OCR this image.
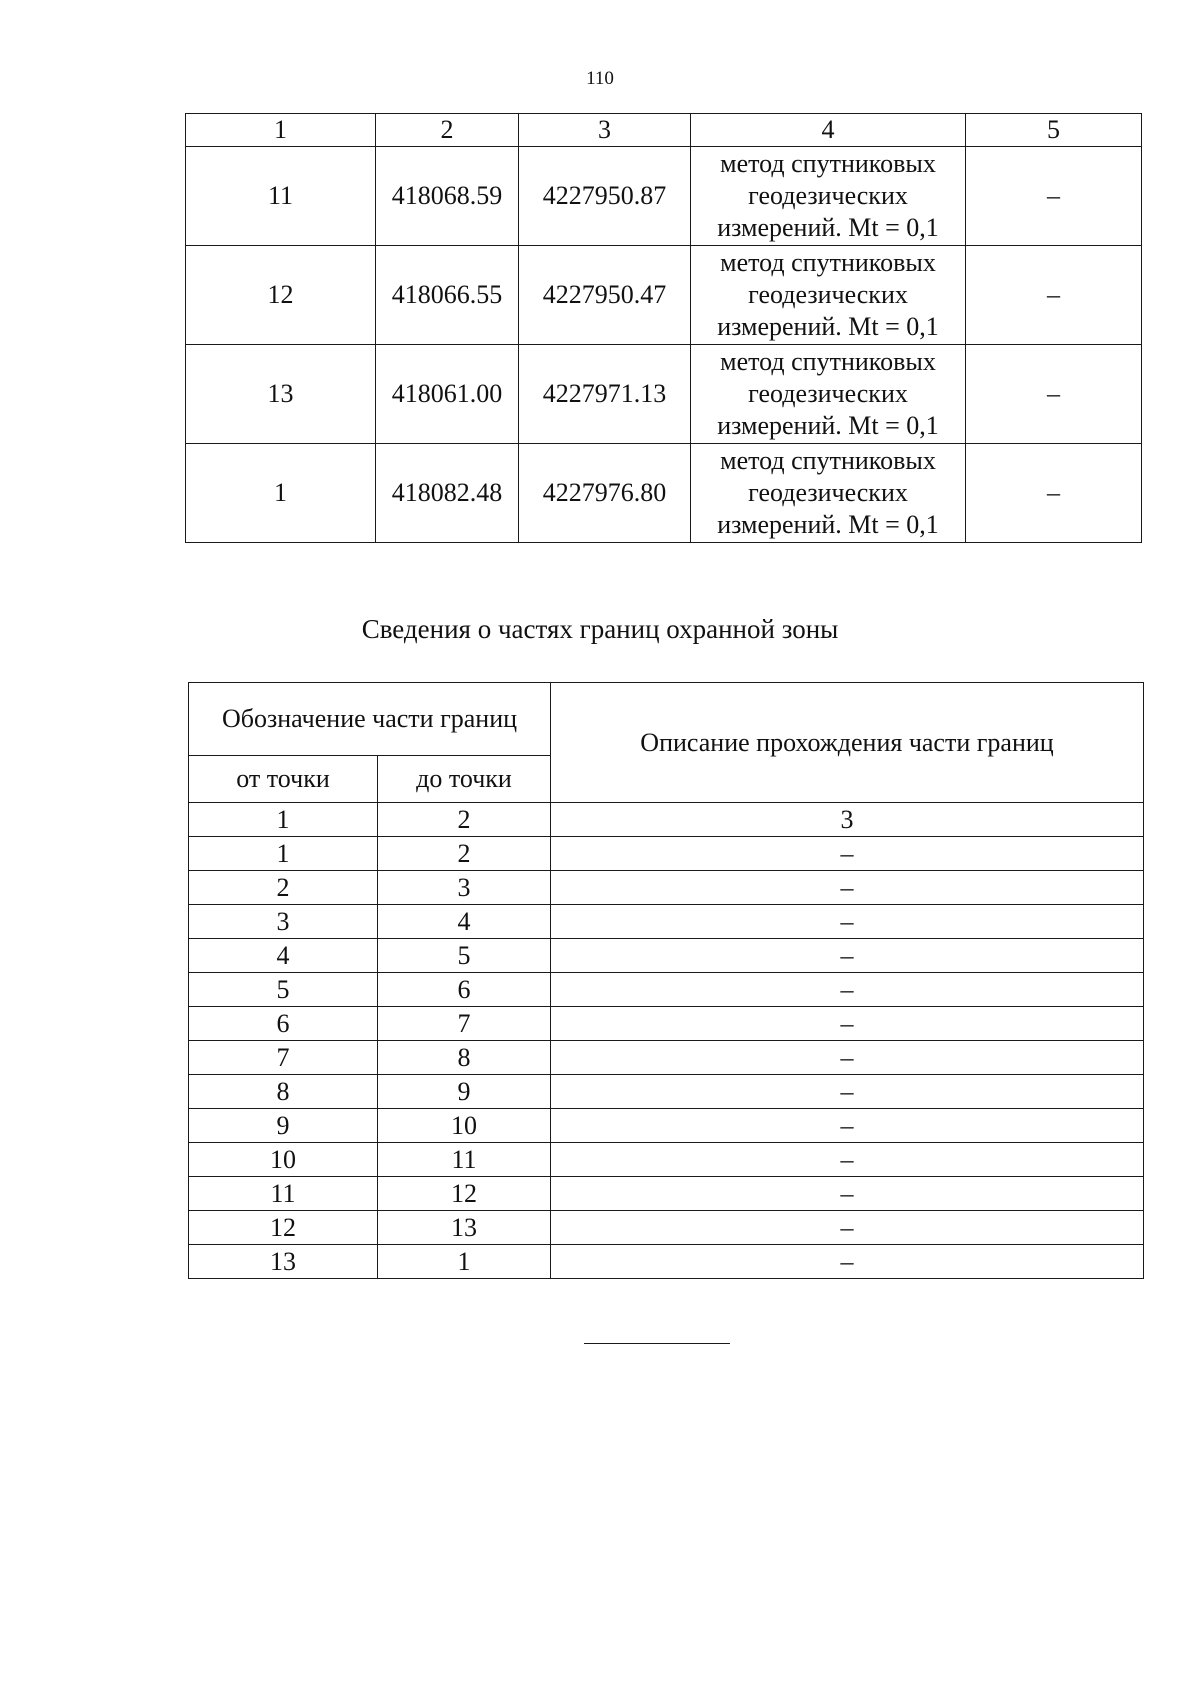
110
1	2	3	4	5
11	418068.59	4227950.87	метод спутниковых
геодезических
измерений. Mt = 0,1	–
12	418066.55	4227950.47	метод спутниковых
геодезических
измерений. Mt = 0,1	–
13	418061.00	4227971.13	метод спутниковых
геодезических
измерений. Mt = 0,1	–
1	418082.48	4227976.80	метод спутниковых
геодезических
измерений. Mt = 0,1	–
Сведения о частях границ охранной зоны
Обозначение части границ		Описание прохождения части границ
от точки	до точки	
1	2	3
1	2	–
2	3	–
3	4	–
4	5	–
5	6	–
6	7	–
7	8	–
8	9	–
9	10	–
10	11	–
11	12	–
12	13	–
13	1	–
